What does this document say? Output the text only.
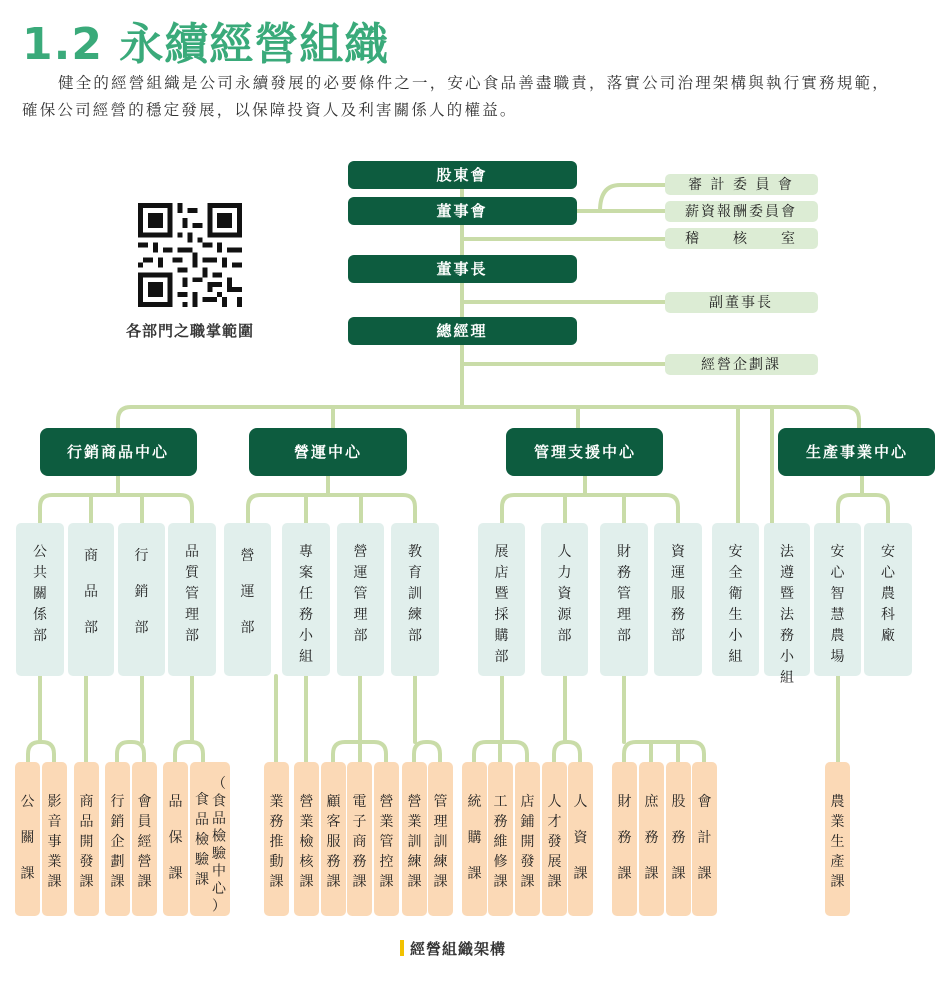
1.2 永續經營組織
健全的經營組織是公司永續發展的必要條件之一，安心食品善盡職責，落實公司治理架構與執行實務規範，確保公司經營的穩定發展，以保障投資人及利害關係人的權益。
各部門之職掌範圍
股東會
董事會
董事長
總經理
審 計 委 員 會
薪資報酬委員會
稽　　核　　室
副董事長
經營企劃課
行銷商品中心	營運中心	管理支援中心	生產事業中心
公
共
關
係
部
商
品
部
行
銷
部
品
質
管
理
部
營
運
部
專
案
任
務
小
組
營
運
管
理
部
教
育
訓
練
部
展
店
暨
採
購
部
人
力
資
源
部
財
務
管
理
部
資
運
服
務
部
安
全
衛
生
小
組
法
遵
暨
法
務
小
組
安
心
智
慧
農
場
安
心
農
科
廠
公
關
課
影
音
事
業
課
商
品
開
發
課
行
銷
企
劃
課
會
員
經
營
課
品
保
課
食
品
檢
驗
課
（
食
品
檢
驗
中
心
）
業
務
推
動
課
營
業
檢
核
課
顧
客
服
務
課
電
子
商
務
課
營
業
管
控
課
營
業
訓
練
課
管
理
訓
練
課
統
購
課
工
務
維
修
課
店
鋪
開
發
課
人
才
發
展
課
人
資
課
財
務
課
庶
務
課
股
務
課
會
計
課
農
業
生
產
課
經營組織架構
